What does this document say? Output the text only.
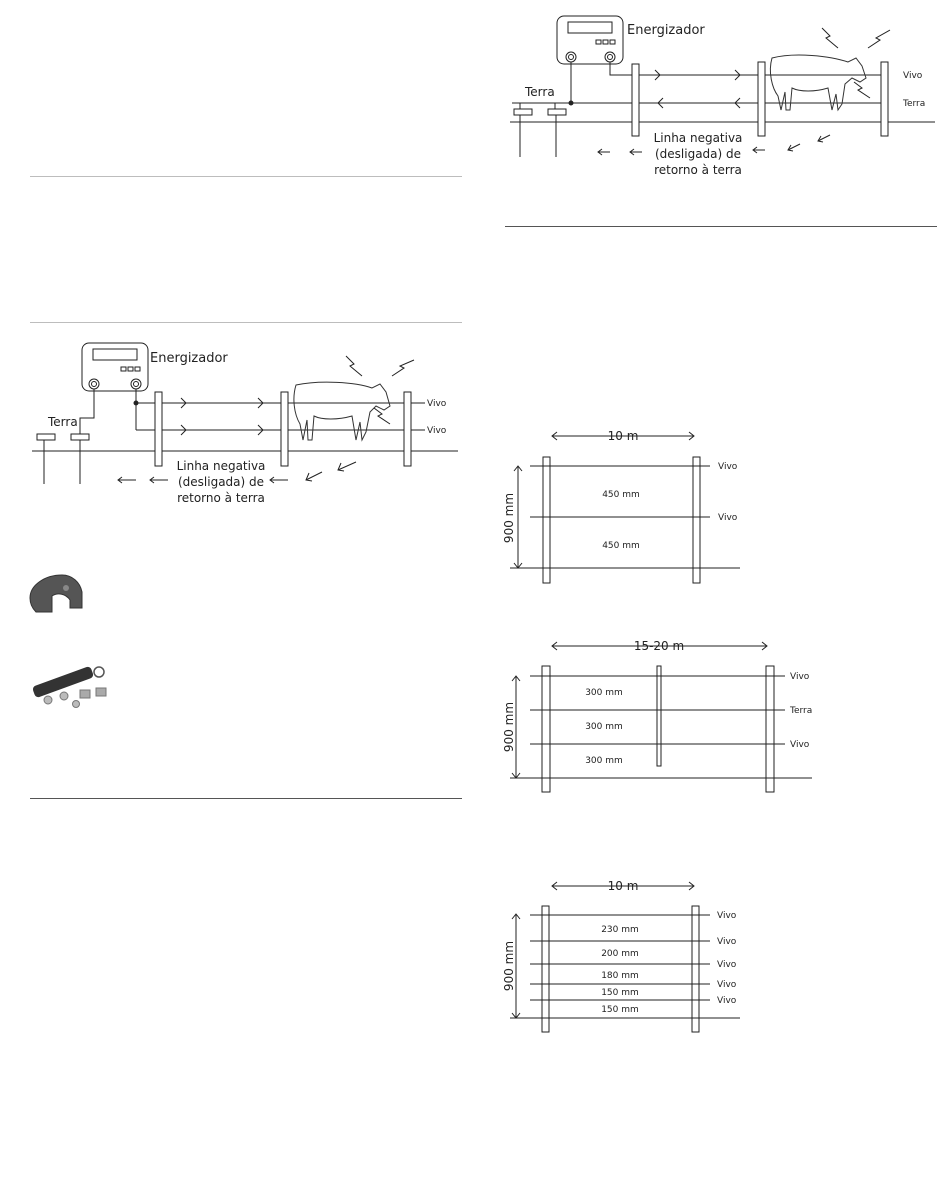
Energizador
Terra
Vivo
Terra
Linha negativa
(desligada) de
retorno à terra
Energizador
Terra
Vivo
Vivo
Linha negativa
(desligada) de
retorno à terra
10 m
900 mm
Vivo
Vivo
450 mm
450 mm
15-20 m
900 mm
Vivo
Terra
Vivo
300 mm
300 mm
300 mm
10 m
900 mm
Vivo
Vivo
Vivo
Vivo
Vivo
230 mm
200 mm
180 mm
150 mm
150 mm
